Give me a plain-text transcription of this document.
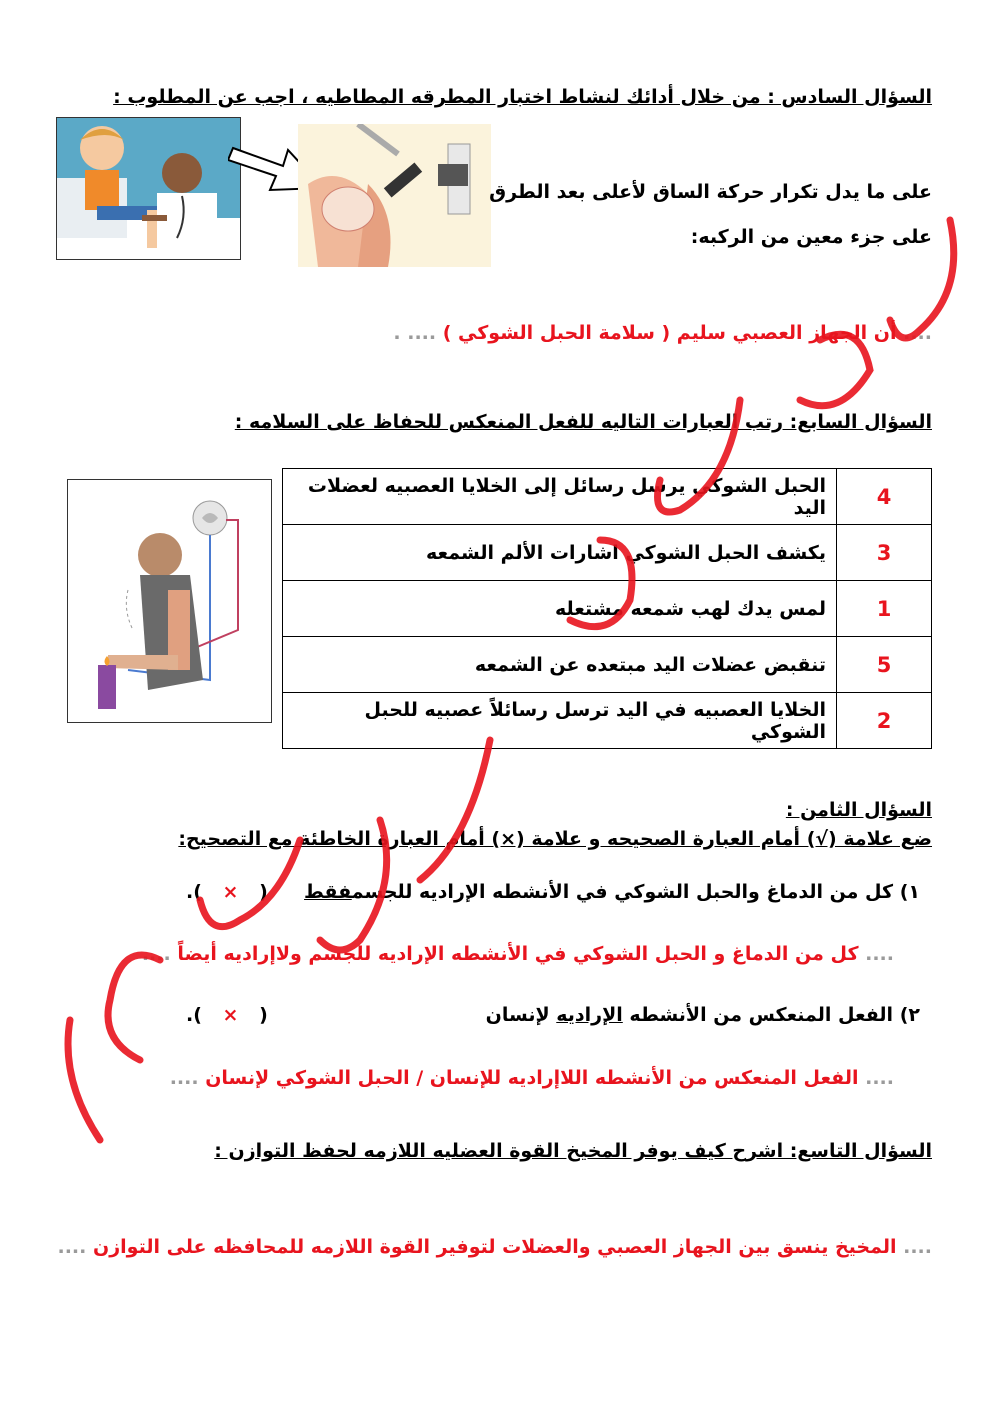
السؤال السادس : من خلال أدائك لنشاط اختبار المطرقه المطاطيه ، اجب عن المطلوب :
على ما يدل تكرار حركة الساق لأعلى بعد الطرق
على جزء معين من الركبه:
.... أن الجهاز العصبي سليم ( سلامة الحبل الشوكي ) .... .
السؤال السابع: رتب العبارات التاليه للفعل المنعكس للحفاظ على السلامه :
4	الحبل الشوكي يرسل رسائل إلى الخلايا العصبيه لعضلات اليد
3	يكشف الحبل الشوكي اشارات الألم الشمعه
1	لمس يدك لهب شمعه مشتعله
5	تنقبض عضلات اليد مبتعده عن الشمعه
2	الخلايا العصبيه في اليد ترسل رسائلاً عصبيه للحبل الشوكي
السؤال الثامن :
ضع علامة (√) أمام العبارة الصحيحه و علامة (×) أمام العبارة الخاطئة مع التصحيح:
١) كل من الدماغ والحبل الشوكي في الأنشطه الإراديه للجسمفقط
( × ).
.... كل من الدماغ و الحبل الشوكي في الأنشطه الإراديه للجسم ولاإراديه أيضاً ....
٢) الفعل المنعكس من الأنشطه الإراديه لإنسان
( × ).
.... الفعل المنعكس من الأنشطه اللاإراديه للإنسان / الحبل الشوكي لإنسان ....
السؤال التاسع: اشرح كيف يوفر المخيخ القوة العضليه اللازمه لحفظ التوازن :
.... المخيخ ينسق بين الجهاز العصبي والعضلات لتوفير القوة اللازمه للمحافظه على التوازن ....
